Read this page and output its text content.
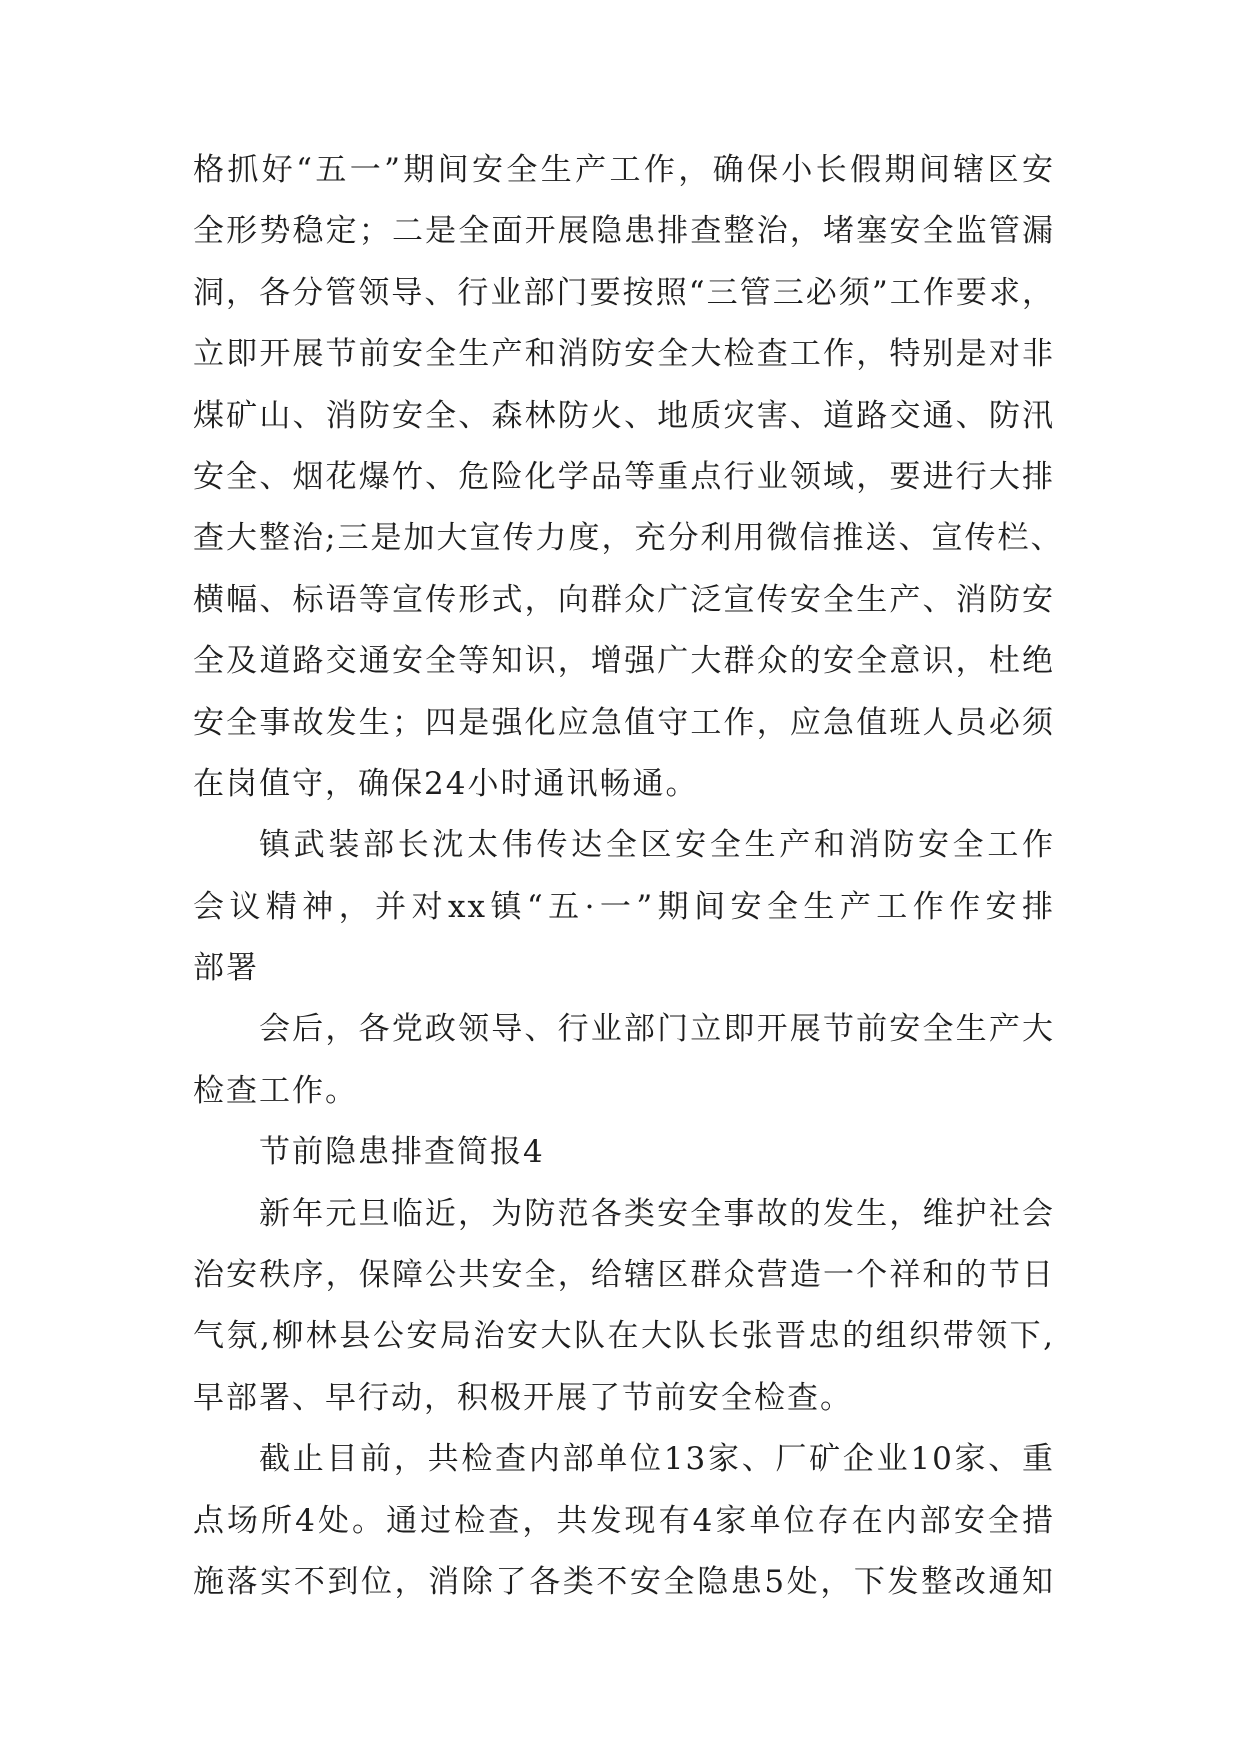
格抓好“五一”期间安全生产工作，确保小长假期间辖区安
全形势稳定；二是全面开展隐患排查整治，堵塞安全监管漏
洞，各分管领导、行业部门要按照“三管三必须”工作要求，
立即开展节前安全生产和消防安全大检查工作，特别是对非
煤矿山、消防安全、森林防火、地质灾害、道路交通、防汛
安全、烟花爆竹、危险化学品等重点行业领域，要进行大排
查大整治;三是加大宣传力度，充分利用微信推送、宣传栏、
横幅、标语等宣传形式，向群众广泛宣传安全生产、消防安
全及道路交通安全等知识，增强广大群众的安全意识，杜绝
安全事故发生；四是强化应急值守工作，应急值班人员必须
在岗值守，确保24小时通讯畅通。
镇武装部长沈太伟传达全区安全生产和消防安全工作
会议精神，并对xx镇“五·一”期间安全生产工作作安排
部署
会后，各党政领导、行业部门立即开展节前安全生产大
检查工作。
节前隐患排查简报4
新年元旦临近，为防范各类安全事故的发生，维护社会
治安秩序，保障公共安全，给辖区群众营造一个祥和的节日
气氛,柳林县公安局治安大队在大队长张晋忠的组织带领下,
早部署、早行动，积极开展了节前安全检查。
截止目前，共检查内部单位13家、厂矿企业10家、重
点场所4处。通过检查，共发现有4家单位存在内部安全措
施落实不到位，消除了各类不安全隐患5处，下发整改通知
